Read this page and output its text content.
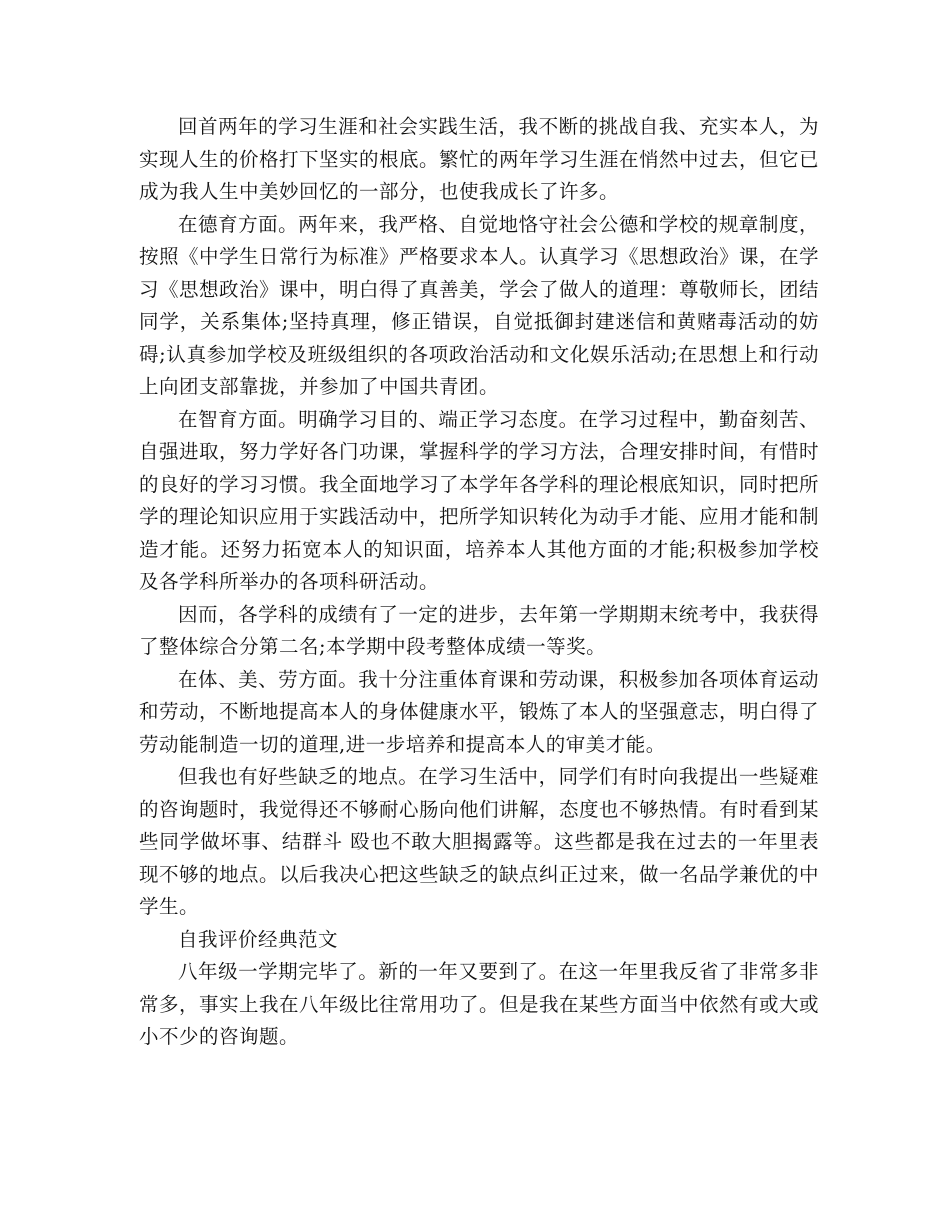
回首两年的学习生涯和社会实践生活，我不断的挑战自我、充实本人，为实现人生的价格打下坚实的根底。繁忙的两年学习生涯在悄然中过去，但它已成为我人生中美妙回忆的一部分，也使我成长了许多。

在德育方面。两年来，我严格、自觉地恪守社会公德和学校的规章制度，按照《中学生日常行为标准》严格要求本人。认真学习《思想政治》课，在学习《思想政治》课中，明白得了真善美，学会了做人的道理：尊敬师长，团结同学，关系集体;坚持真理，修正错误，自觉抵御封建迷信和黄赌毒活动的妨碍;认真参加学校及班级组织的各项政治活动和文化娱乐活动;在思想上和行动上向团支部靠拢，并参加了中国共青团。

在智育方面。明确学习目的、端正学习态度。在学习过程中，勤奋刻苦、自强进取，努力学好各门功课，掌握科学的学习方法，合理安排时间，有惜时的良好的学习习惯。我全面地学习了本学年各学科的理论根底知识，同时把所学的理论知识应用于实践活动中，把所学知识转化为动手才能、应用才能和制造才能。还努力拓宽本人的知识面，培养本人其他方面的才能;积极参加学校及各学科所举办的各项科研活动。

因而，各学科的成绩有了一定的进步，去年第一学期期末统考中，我获得了整体综合分第二名;本学期中段考整体成绩一等奖。

在体、美、劳方面。我十分注重体育课和劳动课，积极参加各项体育运动和劳动，不断地提高本人的身体健康水平，锻炼了本人的坚强意志，明白得了劳动能制造一切的道理,进一步培养和提高本人的审美才能。

但我也有好些缺乏的地点。在学习生活中，同学们有时向我提出一些疑难的咨询题时，我觉得还不够耐心肠向他们讲解，态度也不够热情。有时看到某些同学做坏事、结群斗 殴也不敢大胆揭露等。这些都是我在过去的一年里表现不够的地点。以后我决心把这些缺乏的缺点纠正过来，做一名品学兼优的中学生。

自我评价经典范文

八年级一学期完毕了。新的一年又要到了。在这一年里我反省了非常多非常多，事实上我在八年级比往常用功了。但是我在某些方面当中依然有或大或小不少的咨询题。
